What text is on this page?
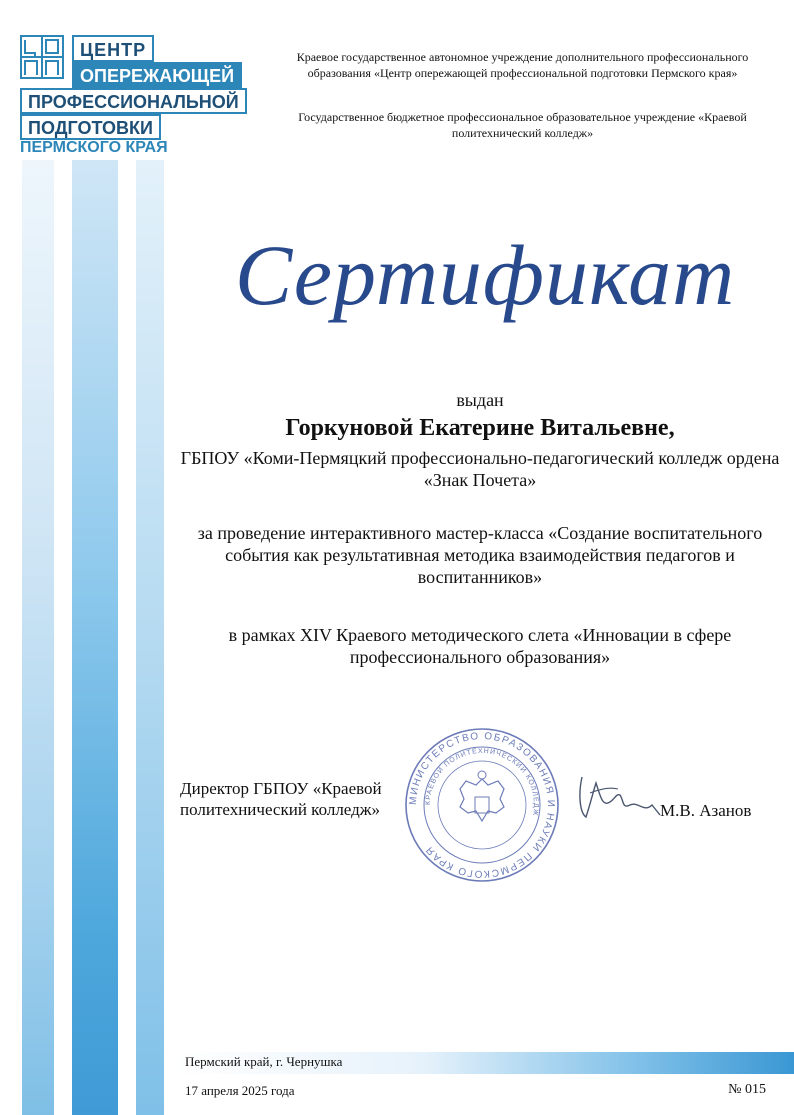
ЦЕНТР
ОПЕРЕЖАЮЩЕЙ
ПРОФЕССИОНАЛЬНОЙ
ПОДГОТОВКИ
ПЕРМСКОГО КРАЯ
Краевое государственное автономное учреждение дополнительного профессионального образования «Центр опережающей профессиональной подготовки Пермского края»
Государственное бюджетное профессиональное образовательное учреждение «Краевой политехнический колледж»
Сертификат
выдан
Горкуновой Екатерине Витальевне,
ГБПОУ «Коми-Пермяцкий профессионально-педагогический колледж ордена «Знак Почета»
за проведение интерактивного мастер-класса «Создание воспитательного события как результативная методика взаимодействия педагогов и воспитанников»
в рамках XIV Краевого методического слета «Инновации в сфере профессионального образования»
Директор ГБПОУ «Краевой политехнический колледж»
МИНИСТЕРСТВО ОБРАЗОВАНИЯ И НАУКИ ПЕРМСКОГО КРАЯ
КРАЕВОЙ ПОЛИТЕХНИЧЕСКИЙ КОЛЛЕДЖ	М.В. Азанов
Пермский край, г. Чернушка
17 апреля 2025 года	№ 015
